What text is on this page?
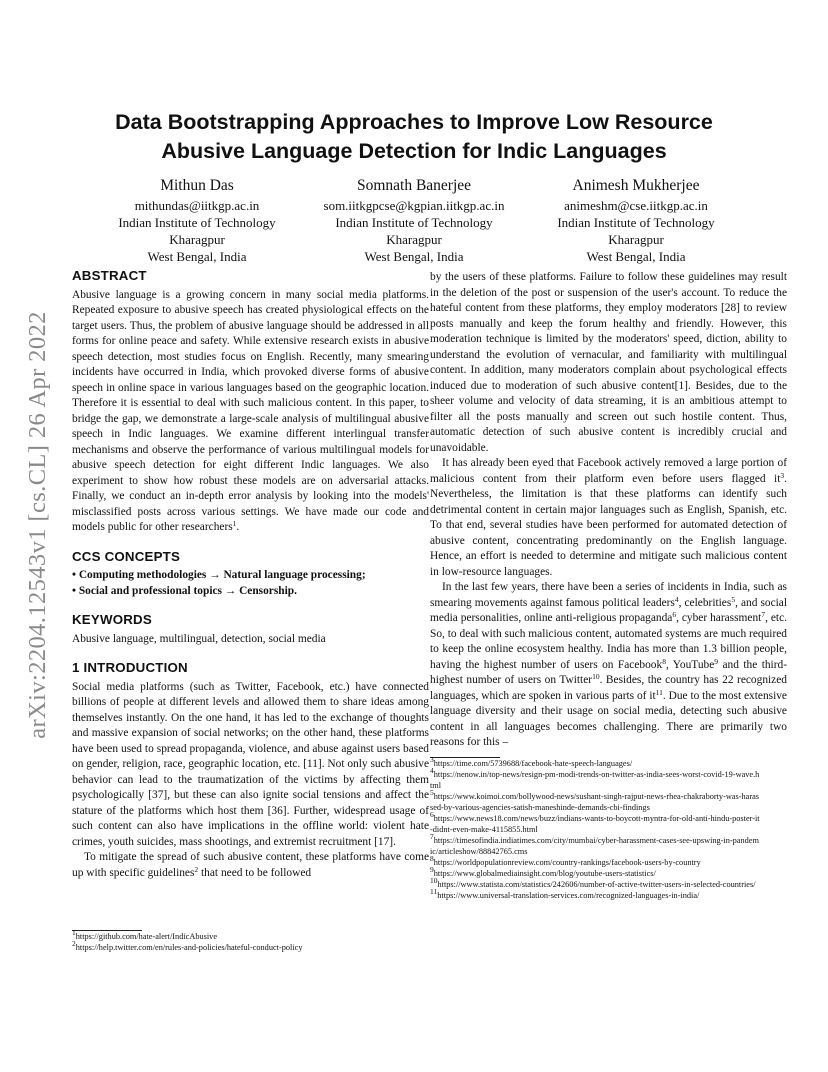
arXiv:2204.12543v1 [cs.CL] 26 Apr 2022
Data Bootstrapping Approaches to Improve Low Resource Abusive Language Detection for Indic Languages
Mithun Das
mithundas@iitkgp.ac.in
Indian Institute of Technology
Kharagpur
West Bengal, India
Somnath Banerjee
som.iitkgpcse@kgpian.iitkgp.ac.in
Indian Institute of Technology
Kharagpur
West Bengal, India
Animesh Mukherjee
animeshm@cse.iitkgp.ac.in
Indian Institute of Technology
Kharagpur
West Bengal, India
ABSTRACT

Abusive language is a growing concern in many social media platforms. Repeated exposure to abusive speech has created physiological effects on the target users. Thus, the problem of abusive language should be addressed in all forms for online peace and safety. While extensive research exists in abusive speech detection, most studies focus on English. Recently, many smearing incidents have occurred in India, which provoked diverse forms of abusive speech in online space in various languages based on the geographic location. Therefore it is essential to deal with such malicious content. In this paper, to bridge the gap, we demonstrate a large-scale analysis of multilingual abusive speech in Indic languages. We examine different interlingual transfer mechanisms and observe the performance of various multilingual models for abusive speech detection for eight different Indic languages. We also experiment to show how robust these models are on adversarial attacks. Finally, we conduct an in-depth error analysis by looking into the models' misclassified posts across various settings. We have made our code and models public for other researchers$^1$.

CCS CONCEPTS
• Computing methodologies → Natural language processing;
• Social and professional topics → Censorship.
KEYWORDS

Abusive language, multilingual, detection, social media

1 INTRODUCTION

Social media platforms (such as Twitter, Facebook, etc.) have connected billions of people at different levels and allowed them to share ideas among themselves instantly. On the one hand, it has led to the exchange of thoughts and massive expansion of social networks; on the other hand, these platforms have been used to spread propaganda, violence, and abuse against users based on gender, religion, race, geographic location, etc. [11]. Not only such abusive behavior can lead to the traumatization of the victims by affecting them psychologically [37], but these can also ignite social tensions and affect the stature of the platforms which host them [36]. Further, widespread usage of such content can also have implications in the offline world: violent hate crimes, youth suicides, mass shootings, and extremist recruitment [17].

To mitigate the spread of such abusive content, these platforms have come up with specific guidelines$^2$ that need to be followed

$^1$https://github.com/hate-alert/IndicAbusive
$^2$https://help.twitter.com/en/rules-and-policies/hateful-conduct-policy

by the users of these platforms. Failure to follow these guidelines may result in the deletion of the post or suspension of the user's account. To reduce the hateful content from these platforms, they employ moderators [28] to review posts manually and keep the forum healthy and friendly. However, this moderation technique is limited by the moderators' speed, diction, ability to understand the evolution of vernacular, and familiarity with multilingual content. In addition, many moderators complain about psychological effects induced due to moderation of such abusive content[1]. Besides, due to the sheer volume and velocity of data streaming, it is an ambitious attempt to filter all the posts manually and screen out such hostile content. Thus, automatic detection of such abusive content is incredibly crucial and unavoidable.

It has already been eyed that Facebook actively removed a large portion of malicious content from their platform even before users flagged $it^3$. Nevertheless, the limitation is that these platforms can identify such detrimental content in certain major languages such as English, Spanish, etc. To that end, several studies have been performed for automated detection of abusive content, concentrating predominantly on the English language. Hence, an effort is needed to determine and mitigate such malicious content in low-resource languages.

In the last few years, there have been a series of incidents in India, such as smearing movements against famous political leaders$^4$, celebrities$^5$, and social media personalities, online anti-religious propaganda$^6$, cyber harassment$^7$, etc. So, to deal with such malicious content, automated systems are much required to keep the online ecosystem healthy. India has more than 1.3 billion people, having the highest number of users on Facebook$^8$, YouTube$^9$ and the third-highest number of users on Twitter$^{10}$. Besides, the country has 22 recognized languages, which are spoken in various parts of $it^{11}$. Due to the most extensive language diversity and their usage on social media, detecting such abusive content in all languages becomes challenging. There are primarily two reasons for this –

$^3$https://time.com/5739688/facebook-hate-speech-languages/
$^4$https://nenow.in/top-news/resign-pm-modi-trends-on-twitter-as-india-sees-worst-covid-19-wave.html
$^5$https://www.koimoi.com/bollywood-news/sushant-singh-rajput-news-rhea-chakraborty-was-harassed-by-various-agencies-satish-maneshinde-demands-cbi-findings
$^6$https://www.news18.com/news/buzz/indians-wants-to-boycott-myntra-for-old-anti-hindu-poster-it-didnt-even-make-4115855.html
$^7$https://timesofindia.indiatimes.com/city/mumbai/cyber-harassment-cases-see-upswing-in-pandemic/articleshow/88842765.cms
$^8$https://worldpopulationreview.com/country-rankings/facebook-users-by-country
$^9$https://www.globalmediainsight.com/blog/youtube-users-statistics/
$^{10}$https://www.statista.com/statistics/242606/number-of-active-twitter-users-in-selected-countries/
$^{11}$https://www.universal-translation-services.com/recognized-languages-in-india/
